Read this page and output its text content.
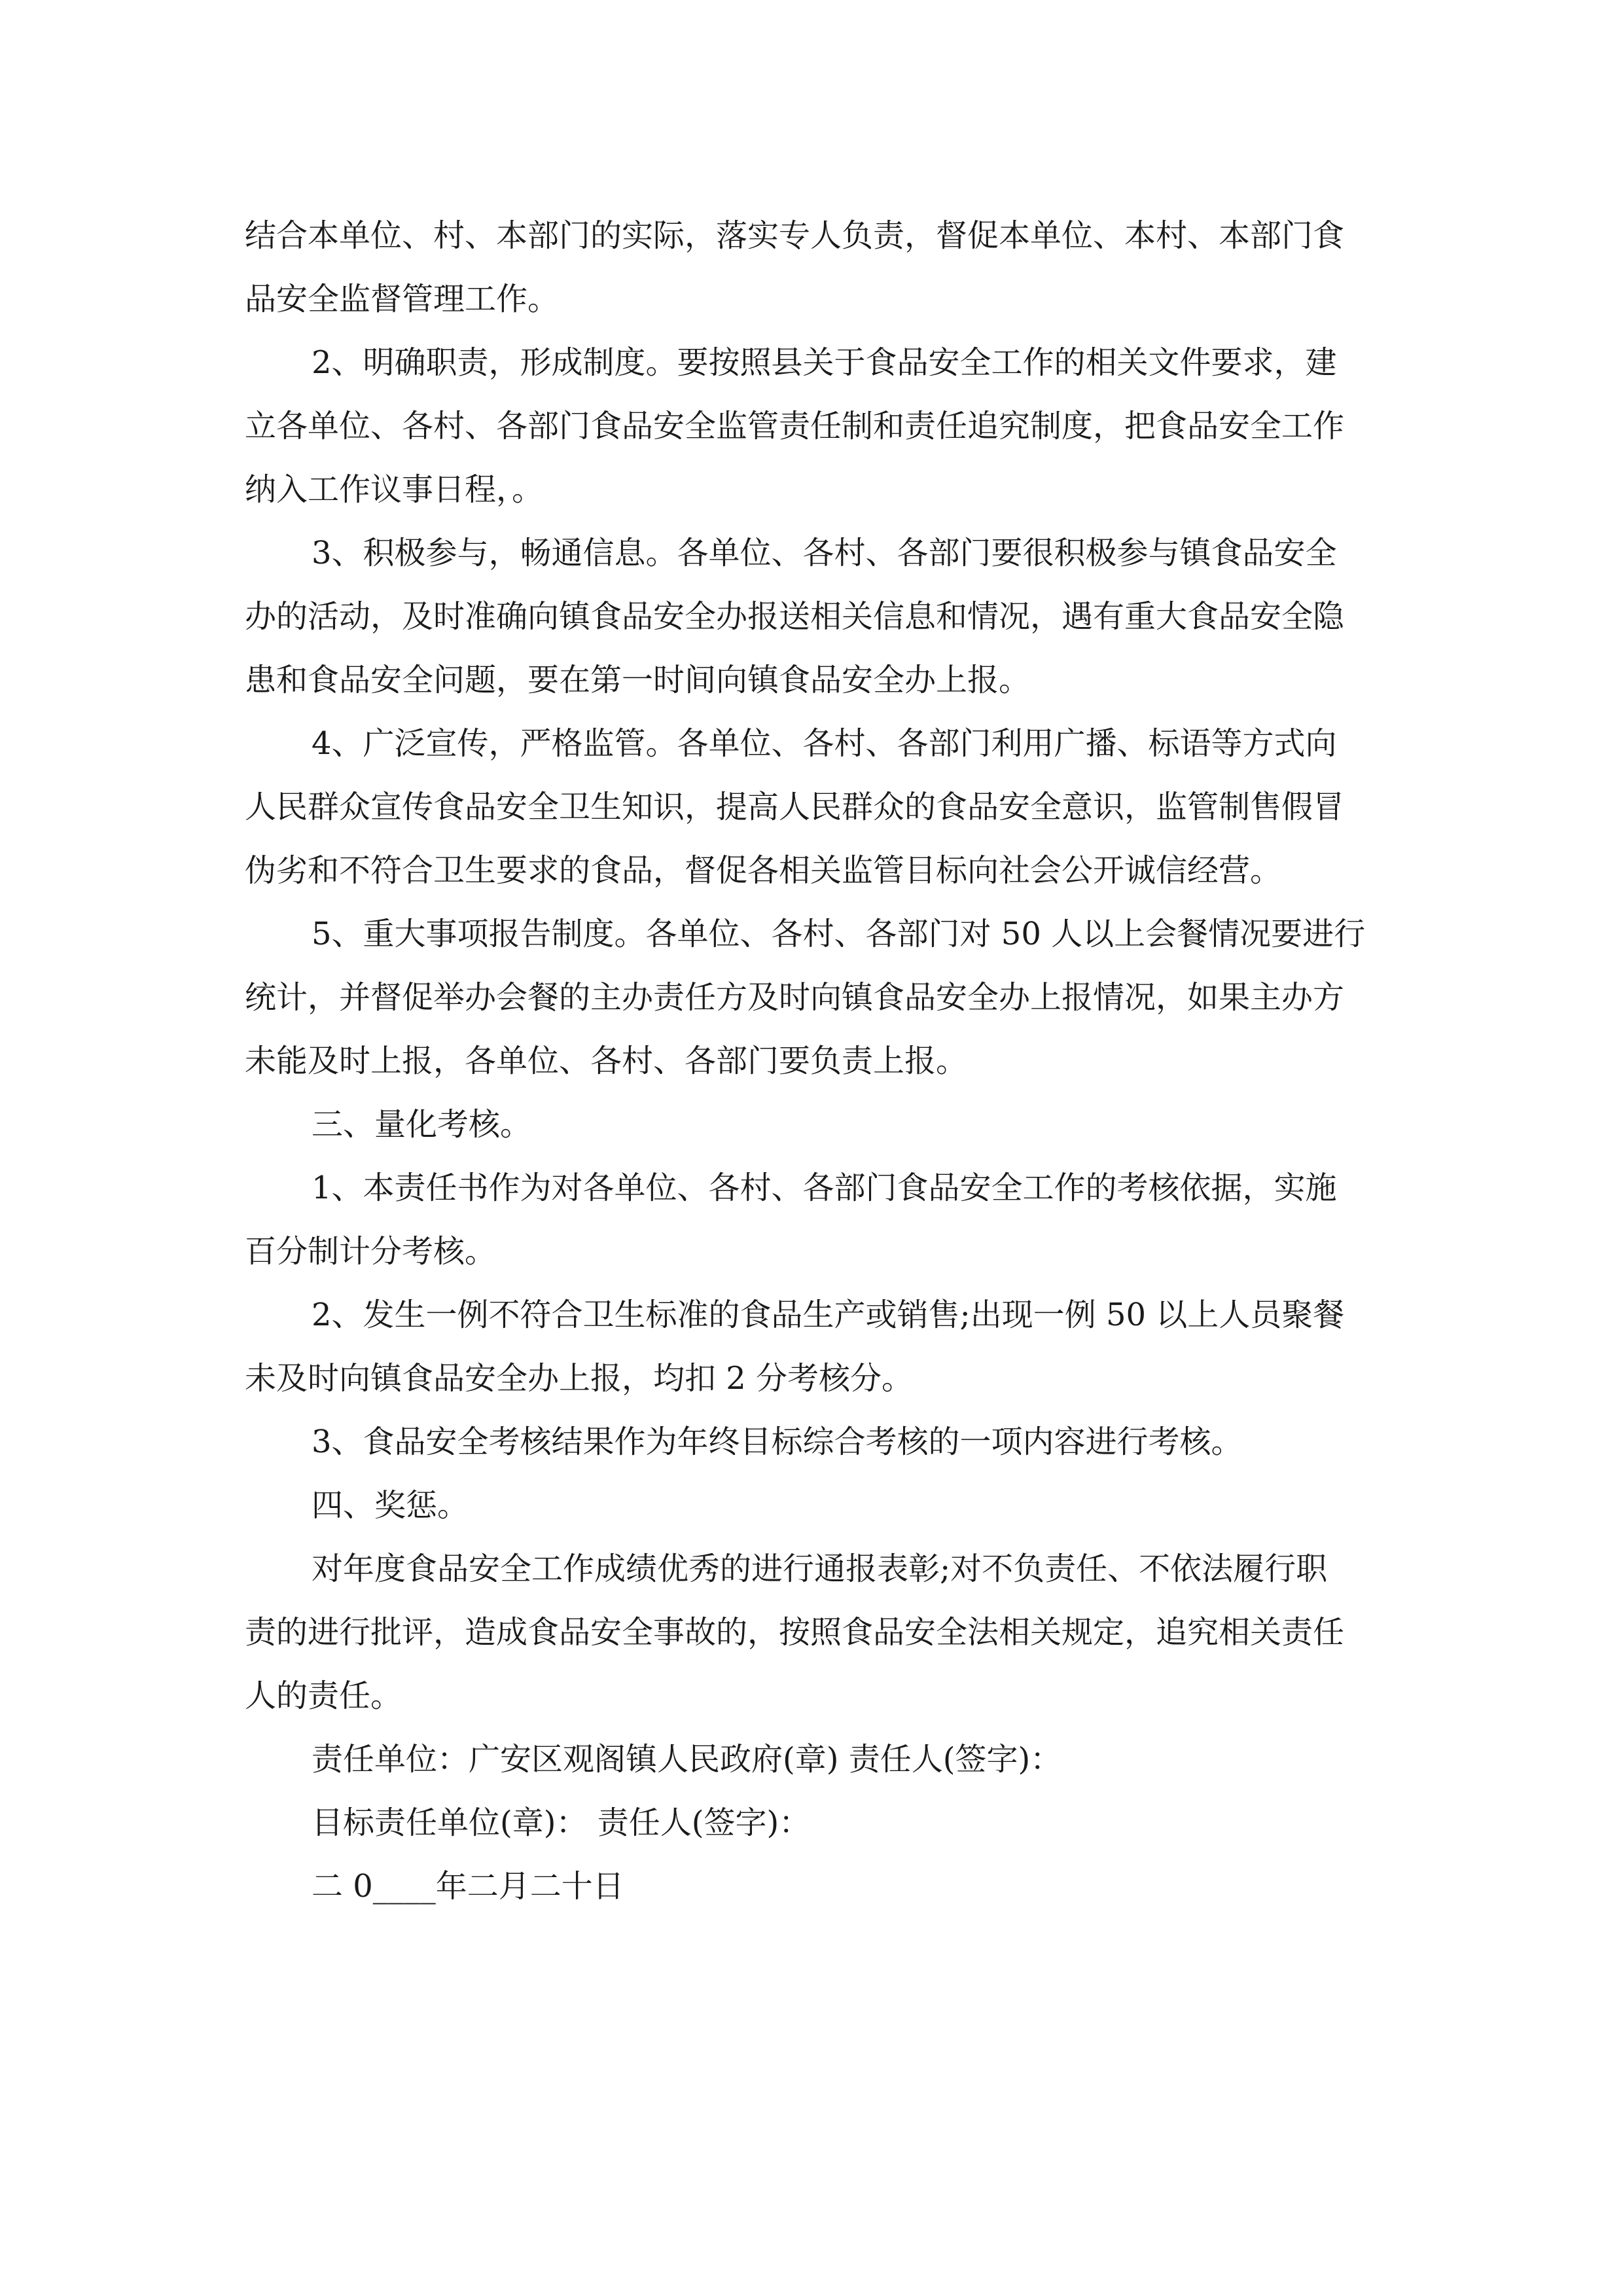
结合本单位、村、本部门的实际，落实专人负责，督促本单位、本村、本部门食
品安全监督管理工作。
2、明确职责，形成制度。要按照县关于食品安全工作的相关文件要求，建
立各单位、各村、各部门食品安全监管责任制和责任追究制度，把食品安全工作
纳入工作议事日程，。
3、积极参与，畅通信息。各单位、各村、各部门要很积极参与镇食品安全
办的活动，及时准确向镇食品安全办报送相关信息和情况，遇有重大食品安全隐
患和食品安全问题，要在第一时间向镇食品安全办上报。
4、广泛宣传，严格监管。各单位、各村、各部门利用广播、标语等方式向
人民群众宣传食品安全卫生知识，提高人民群众的食品安全意识，监管制售假冒
伪劣和不符合卫生要求的食品，督促各相关监管目标向社会公开诚信经营。
5、重大事项报告制度。各单位、各村、各部门对 50 人以上会餐情况要进行
统计，并督促举办会餐的主办责任方及时向镇食品安全办上报情况，如果主办方
未能及时上报，各单位、各村、各部门要负责上报。
三、量化考核。
1、本责任书作为对各单位、各村、各部门食品安全工作的考核依据，实施
百分制计分考核。
2、发生一例不符合卫生标准的食品生产或销售;出现一例 50 以上人员聚餐
未及时向镇食品安全办上报，均扣 2 分考核分。
3、食品安全考核结果作为年终目标综合考核的一项内容进行考核。
四、奖惩。
对年度食品安全工作成绩优秀的进行通报表彰;对不负责任、不依法履行职
责的进行批评，造成食品安全事故的，按照食品安全法相关规定，追究相关责任
人的责任。
责任单位：广安区观阁镇人民政府(章) 责任人(签字)：
目标责任单位(章)： 责任人(签字)：
二 0____年二月二十日
